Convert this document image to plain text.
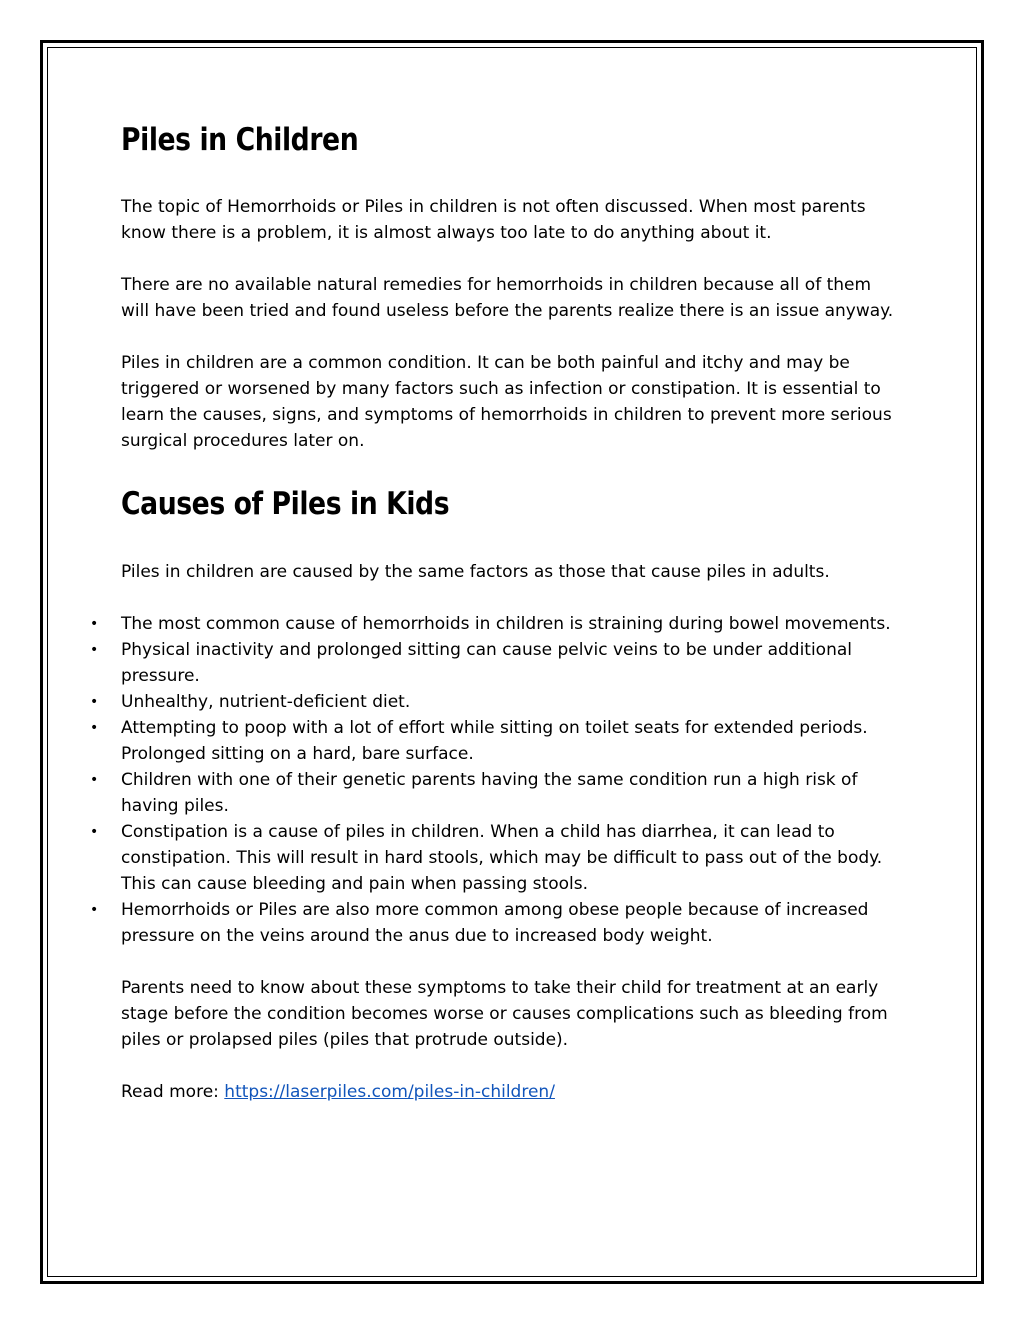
Piles in Children

The topic of Hemorrhoids or Piles in children is not often discussed. When most parents know there is a problem, it is almost always too late to do anything about it.

There are no available natural remedies for hemorrhoids in children because all of them will have been tried and found useless before the parents realize there is an issue anyway.

Piles in children are a common condition. It can be both painful and itchy and may be triggered or worsened by many factors such as infection or constipation. It is essential to learn the causes, signs, and symptoms of hemorrhoids in children to prevent more serious surgical procedures later on.

Causes of Piles in Kids

Piles in children are caused by the same factors as those that cause piles in adults.

• The most common cause of hemorrhoids in children is straining during bowel movements.
• Physical inactivity and prolonged sitting can cause pelvic veins to be under additional pressure.
• Unhealthy, nutrient-deficient diet.
• Attempting to poop with a lot of effort while sitting on toilet seats for extended periods. Prolonged sitting on a hard, bare surface.
• Children with one of their genetic parents having the same condition run a high risk of having piles.
• Constipation is a cause of piles in children. When a child has diarrhea, it can lead to constipation. This will result in hard stools, which may be difficult to pass out of the body. This can cause bleeding and pain when passing stools.
• Hemorrhoids or Piles are also more common among obese people because of increased pressure on the veins around the anus due to increased body weight.

Parents need to know about these symptoms to take their child for treatment at an early stage before the condition becomes worse or causes complications such as bleeding from piles or prolapsed piles (piles that protrude outside).

Read more: https://laserpiles.com/piles-in-children/
